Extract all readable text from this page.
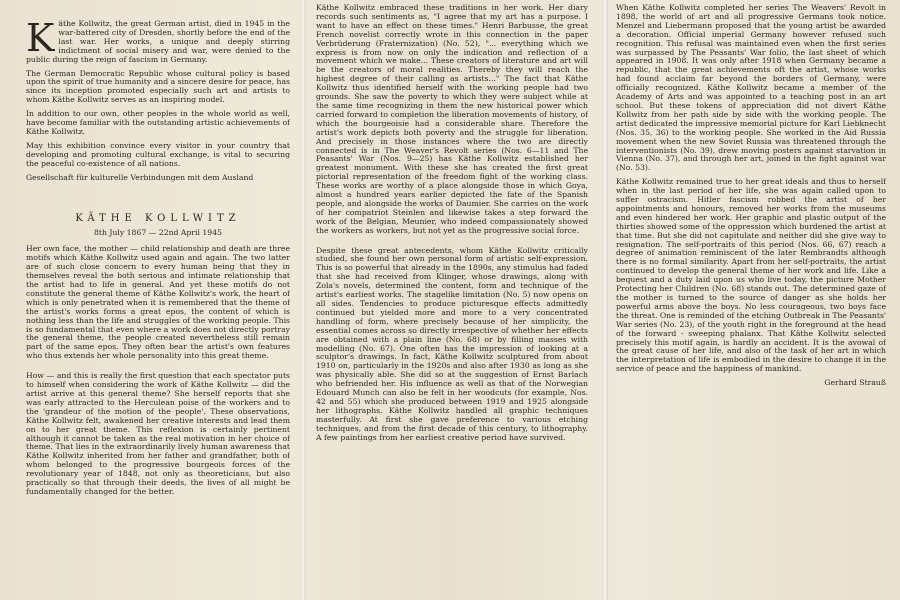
Käthe Kollwitz, the great German artist, died in 1945 in the war-battered city of Dresden, shortly before the end of the last war. Her works, a unique and deeply stirring indictment of social misery and war, were denied to the public during the reign of fascism in Germany.

The German Democratic Republic whose cultural policy is based upon the spirit of true humanity and a sincere desire for peace, has since its inception promoted especially such art and artists to whom Käthe Kollwitz serves as an inspiring model.

In addition to our own, other peoples in the whole world as well, have become familiar with the outstanding artistic achievements of Käthe Kollwitz.

May this exhibition convince every visitor in your country that developing and promoting cultural exchange, is vital to securing the peaceful co-existence of all nations.

Gesellschaft für kulturelle Verbindungen mit dem Ausland

KÄTHE KOLLWITZ
8th July 1867 — 22nd April 1945

Her own face, the mother — child relationship and death are three motifs which Käthe Kollwitz used again and again. The two latter are of such close concern to every human being that they in themselves reveal the both serious and intimate relationship that the artist had to life in general. And yet these motifs do not constitute the general theme of Käthe Kollwitz's work, the heart of which is only penetrated when it is remembered that the theme of the artist's works forms a great epos, the content of which is nothing less than the life and struggles of the working people. This is so fundamental that even where a work does not directly portray the general theme, the people created nevertheless still remain part of the same epos. They often bear the artist's own features who thus extends her whole personality into this great theme.

How — and this is really the first question that each spectator puts to himself when considering the work of Käthe Kollwitz — did the artist arrive at this general theme? She herself reports that she was early attracted to the Herculean poise of the workers and to the 'grandeur of the motion of the people'. These observations, Käthe Kollwitz felt, awakened her creative interests and lead them on to her great theme. This reflexion is certainly pertinent although it cannot be taken as the real motivation in her choice of theme. That lies in the extraordinarily lively human awareness that Käthe Kollwitz inherited from her father and grandfather, both of whom belonged to the progressive bourgeois forces of the revolutionary year of 1848, not only as theoreticians, but also practically so that through their deeds, the lives of all might be fundamentally changed for the better.

Käthe Kollwitz embraced these traditions in her work. Her diary records such sentiments as, "I agree that my art has a purpose. I want to have an effect on these times." Henri Barbusse, the great French novelist correctly wrote in this connection in the paper Verbrüderung (Fraternization) (No. 52), "... everything which we express is from now on only the indication and reflection of a movement which we make... These creators of literature and art will be the creators of moral realities. Thereby they will reach the highest degree of their calling as artists..." The fact that Käthe Kollwitz thus identified herself with the working people had two grounds. She saw the poverty to which they were subject while at the same time recognizing in them the new historical power which carried forward to completion the liberation movements of history, of which the bourgeoisie had a considerable share. Therefore the artist's work depicts both poverty and the struggle for liberation. And precisely in those instances where the two are directly connected is in The Weaver's Revolt series (Nos. 6—11 and The Peasants' War (Nos. 9—25) has Käthe Kollwitz established her greatest monument. With these she has created the first great pictorial representation of the freedom fight of the working class. These works are worthy of a place alongside those in which Goya, almost a hundred years earlier depicted the fate of the Spanish people, and alongside the works of Daumier. She carries on the work of her compatriot Steinlen and likewise takes a step forward the work of the Belgian, Meunier, who indeed compassionately showed the workers as workers, but not yet as the progressive social force.

Despite these great antecedents, whom Käthe Kollwitz critically studied, she found her own personal form of artistic self-expression. This is so powerful that already in the 1890s, any stimulus had faded that she had received from Klinger, whose drawings, along with Zola's novels, determined the content, form and technique of the artist's earliest works. The stagelike limitation (No. 5) now opens on all sides. Tendencies to produce picturesque effects admittedly continued but yielded more and more to a very concentrated handling of form, where precisely because of her simplicity, the essential comes across so directly irrespective of whether her effects are obtained with a plain line (No. 68) or by filling masses with modelling (No. 67). One often has the impression of looking at a sculptor's drawings. In fact, Käthe Kollwitz sculptured from about 1910 on, particularly in the 1920s and also after 1930 as long as she was physically able. She did so at the suggestion of Ernst Barlach who befriended her. His influence as well as that of the Norwegian Edouard Munch can also be felt in her woodcuts (for example, Nos. 42 and 55) which she produced between 1919 and 1925 alongside her lithographs. Käthe Kollwitz handled all graphic techniques masterfully. At first she gave preference to various etching techniques, and from the first decade of this century, to lithography. A few paintings from her earliest creative period have survived.

When Käthe Kollwitz completed her series The Weavers' Revolt in 1898, the world of art and all progressive Germans took notice. Menzel and Liebermann proposed that the young artist be awarded a decoration. Official imperial Germany however refused such recognition. This refusal was maintained even when the first series was surpassed by The Peasants' War folio, the last sheet of which appeared in 1908. It was only after 1918 when Germany became a republic, that the great achievements oft the artist, whose works had found acclaim far beyond the borders of Germany, were officially recognized. Käthe Kollwitz became a member of the Academy of Arts and was appointed to a teaching post in an art school. But these tokens of appreciation did not divert Käthe Kollwitz from her path side by side with the working people. The artist dedicated the impressive memorial picture for Karl Liebknecht (Nos. 35, 36) to the working people. She worked in the Aid Russia movement when the new Soviet Russia was threatened through the interventionists (No. 39), drew moving posters against starvation in Vienna (No. 37), and through her art, joined in the fight against war (No. 53).

Käthe Kollwitz remained true to her great ideals and thus to herself when in the last period of her life, she was again called upon to suffer ostracism. Hitler fascism robbed the artist of her appointments and honours, removed her works from the museums and even hindered her work. Her graphic and plastic output of the thirties showed some of the oppression which burdened the artist at that time. But she did not capitulate and neither did she give way to resignation. The self-portraits of this period (Nos. 66, 67) reach a degree of animation reminiscent of the later Rembrandts although there is no formal similarity. Apart from her self-portraits, the artist continued to develop the general theme of her work and life. Like a bequest and a duty laid upon us who live today, the picture Mother Protecting her Children (No. 68) stands out. The determined gaze of the mother is turned to the source of danger as she holds her powerful arms above the boys. No less courageous, two boys face the threat. One is reminded of the etching Outbreak in The Peasants' War series (No. 23), of the youth right in the foreground at the head of the forward - sweeping phalanx. That Käthe Kollwitz selected precisely this motif again, is hardly an accident. It is the avowal of the great cause of her life, and also of the task of her art in which the interpretation of life is embodied in the desire to change it in the service of peace and the happiness of mankind.

Gerhard Strauß
